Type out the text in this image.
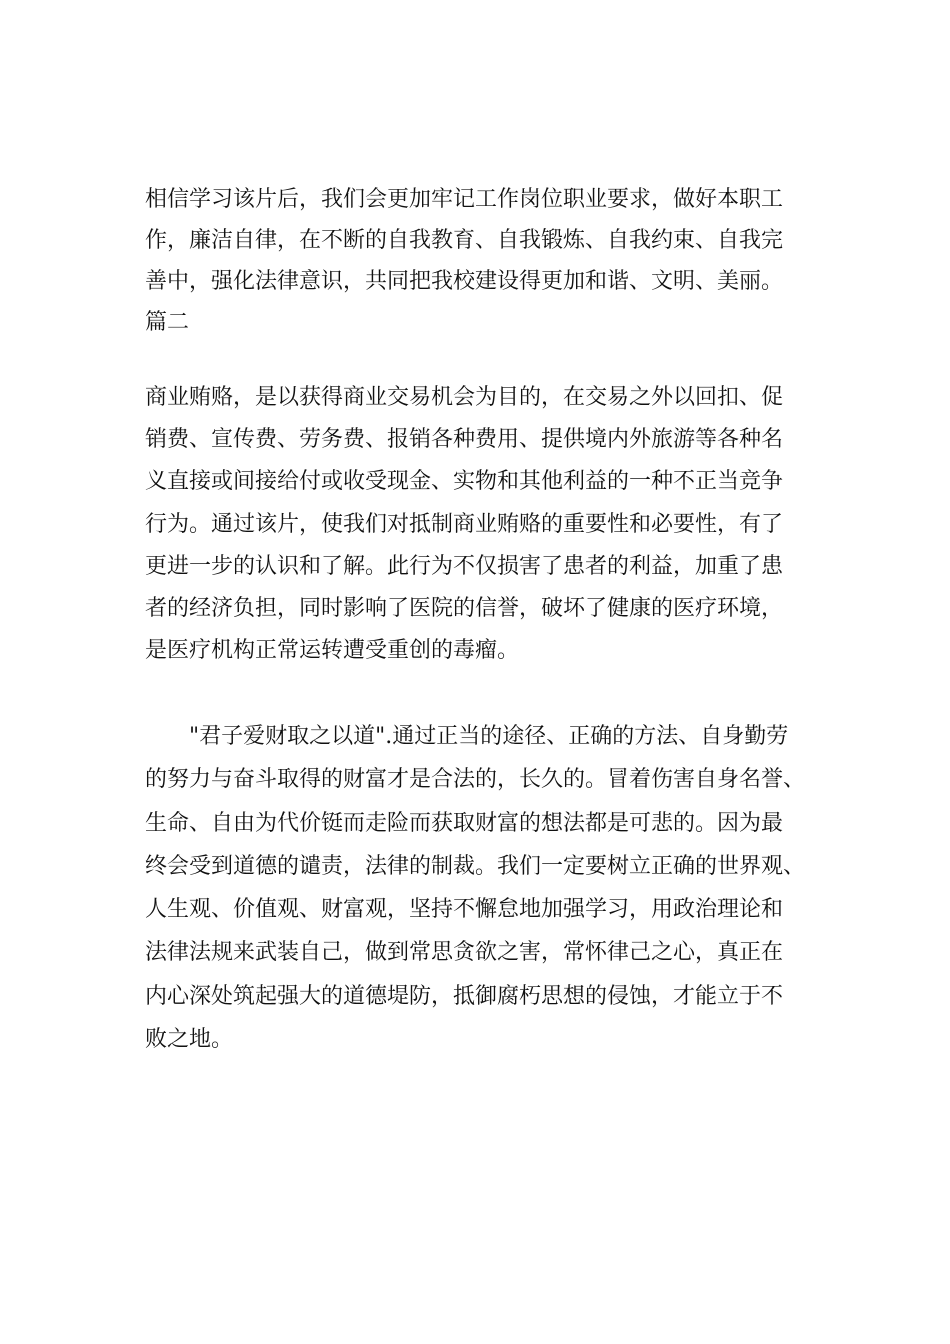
相信学习该片后，我们会更加牢记工作岗位职业要求，做好本职工
作，廉洁自律，在不断的自我教育、自我锻炼、自我约束、自我完
善中，强化法律意识，共同把我校建设得更加和谐、文明、美丽。
篇二
商业贿赂，是以获得商业交易机会为目的，在交易之外以回扣、促
销费、宣传费、劳务费、报销各种费用、提供境内外旅游等各种名
义直接或间接给付或收受现金、实物和其他利益的一种不正当竞争
行为。通过该片，使我们对抵制商业贿赂的重要性和必要性，有了
更进一步的认识和了解。此行为不仅损害了患者的利益，加重了患
者的经济负担，同时影响了医院的信誉，破坏了健康的医疗环境，
是医疗机构正常运转遭受重创的毒瘤。
"君子爱财取之以道".通过正当的途径、正确的方法、自身勤劳
的努力与奋斗取得的财富才是合法的，长久的。冒着伤害自身名誉、
生命、自由为代价铤而走险而获取财富的想法都是可悲的。因为最
终会受到道德的谴责，法律的制裁。我们一定要树立正确的世界观、
人生观、价值观、财富观，坚持不懈怠地加强学习，用政治理论和
法律法规来武装自己，做到常思贪欲之害，常怀律己之心，真正在
内心深处筑起强大的道德堤防，抵御腐朽思想的侵蚀，才能立于不
败之地。
